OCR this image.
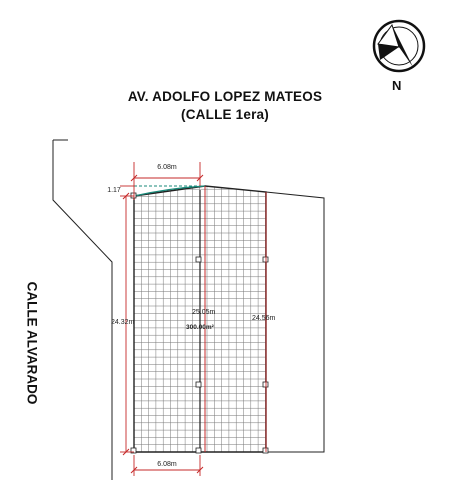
6.08m
6.08m
1.17
24.32m
25.05m
24.56m
300.00m²
AV. ADOLFO LOPEZ MATEOS
(CALLE 1era)
CALLE ALVARADO
N
